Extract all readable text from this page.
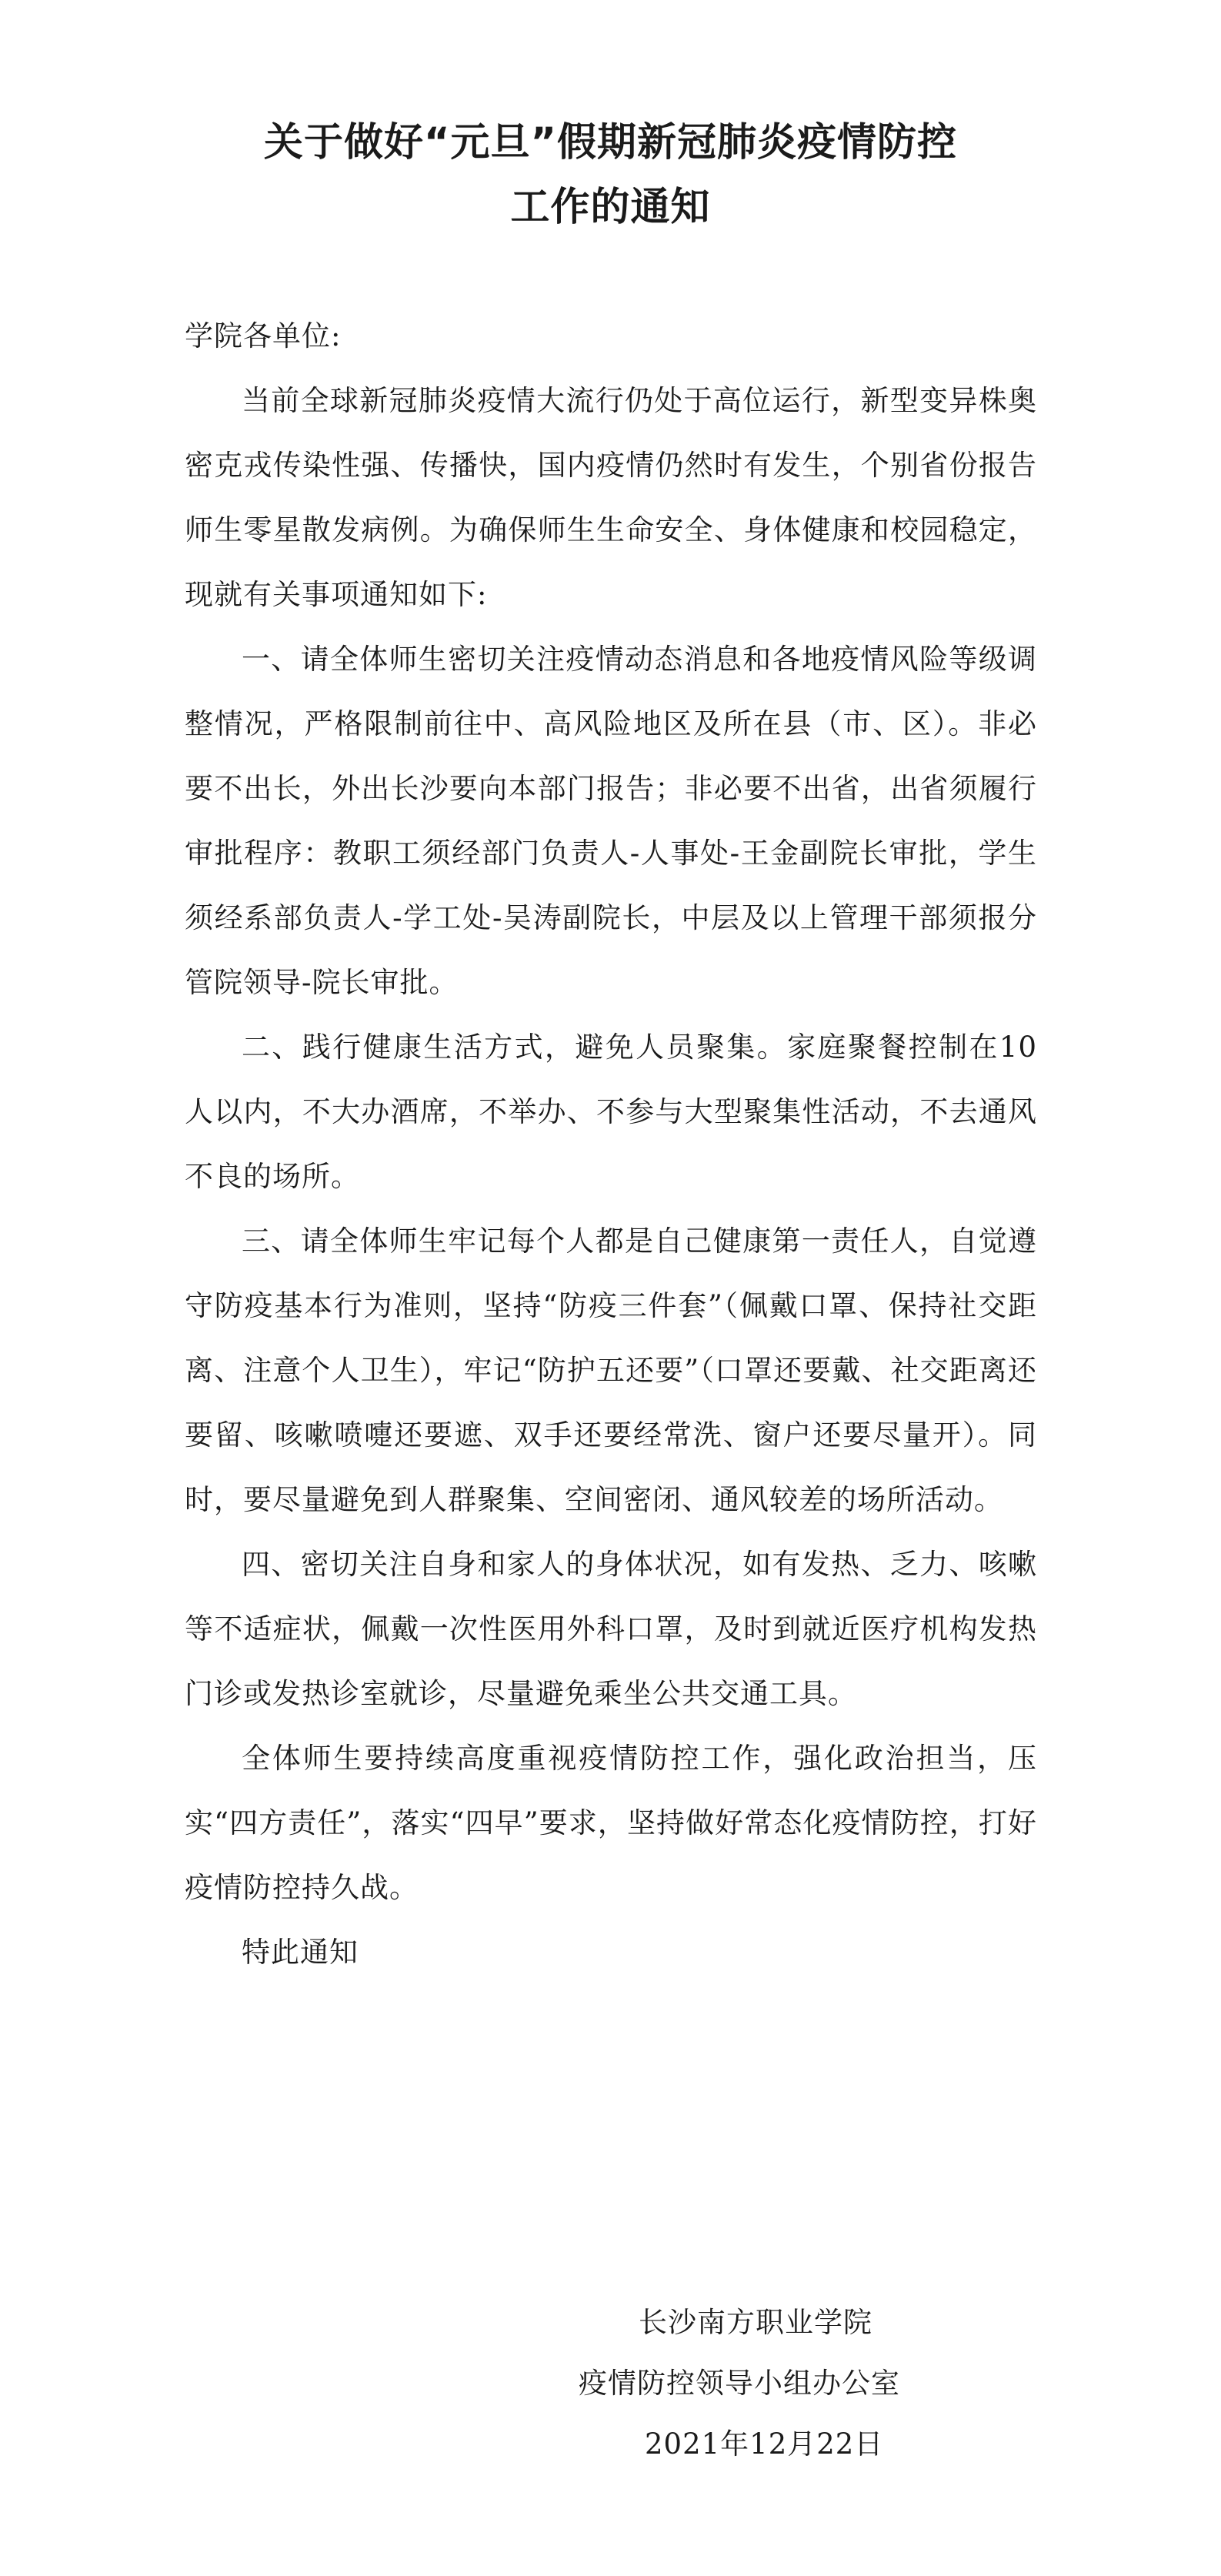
关于做好“元旦”假期新冠肺炎疫情防控
工作的通知

学院各单位:

当前全球新冠肺炎疫情大流行仍处于高位运行，新型变异株奥密克戎传染性强、传播快，国内疫情仍然时有发生，个别省份报告师生零星散发病例。为确保师生生命安全、身体健康和校园稳定，现就有关事项通知如下:

一、请全体师生密切关注疫情动态消息和各地疫情风险等级调整情况，严格限制前往中、高风险地区及所在县（市、区）。非必要不出长，外出长沙要向本部门报告；非必要不出省，出省须履行审批程序：教职工须经部门负责人-人事处-王金副院长审批，学生须经系部负责人-学工处-吴涛副院长，中层及以上管理干部须报分管院领导-院长审批。

二、践行健康生活方式，避免人员聚集。家庭聚餐控制在10人以内，不大办酒席，不举办、不参与大型聚集性活动，不去通风不良的场所。

三、请全体师生牢记每个人都是自己健康第一责任人，自觉遵守防疫基本行为准则，坚持“防疫三件套”（佩戴口罩、保持社交距离、注意个人卫生），牢记“防护五还要”（口罩还要戴、社交距离还要留、咳嗽喷嚏还要遮、双手还要经常洗、窗户还要尽量开）。同时，要尽量避免到人群聚集、空间密闭、通风较差的场所活动。

四、密切关注自身和家人的身体状况，如有发热、乏力、咳嗽等不适症状，佩戴一次性医用外科口罩，及时到就近医疗机构发热门诊或发热诊室就诊，尽量避免乘坐公共交通工具。

全体师生要持续高度重视疫情防控工作，强化政治担当，压实“四方责任”，落实“四早”要求，坚持做好常态化疫情防控，打好疫情防控持久战。

特此通知

长沙南方职业学院
疫情防控领导小组办公室
2021年12月22日
